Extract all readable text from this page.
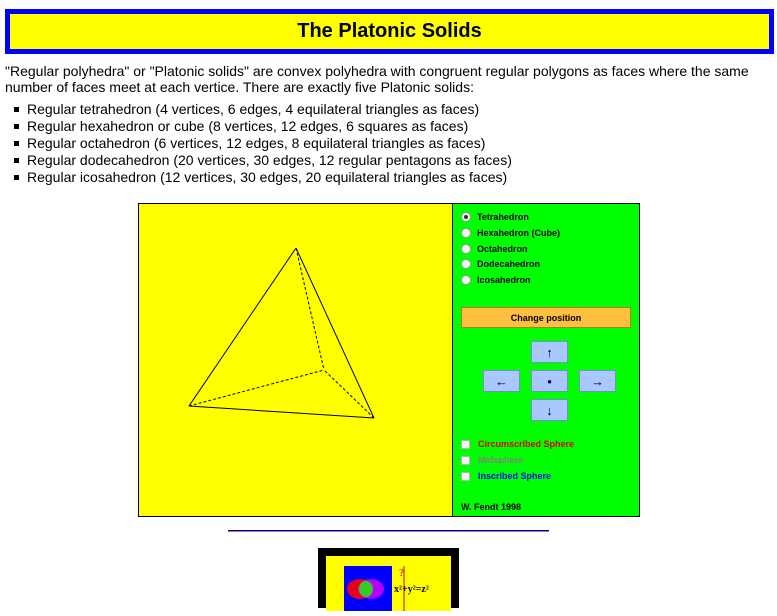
The Platonic Solids

"Regular polyhedra" or "Platonic solids" are convex polyhedra with congruent regular polygons as faces where the same number of faces meet at each vertice. There are exactly five Platonic solids:

Regular tetrahedron (4 vertices, 6 edges, 4 equilateral triangles as faces)
Regular hexahedron or cube (8 vertices, 12 edges, 6 squares as faces)
Regular octahedron (6 vertices, 12 edges, 8 equilateral triangles as faces)
Regular dodecahedron (20 vertices, 30 edges, 12 regular pentagons as faces)
Regular icosahedron (12 vertices, 30 edges, 20 equilateral triangles as faces)
Tetrahedron
Hexahedron (Cube)
Octahedron
Dodecahedron
Icosahedron
Change position
↑
←	•	→
↓
Circumscribed Sphere
Midsphere
Inscribed Sphere
W. Fendt 1998
?
x²+y²=z²
